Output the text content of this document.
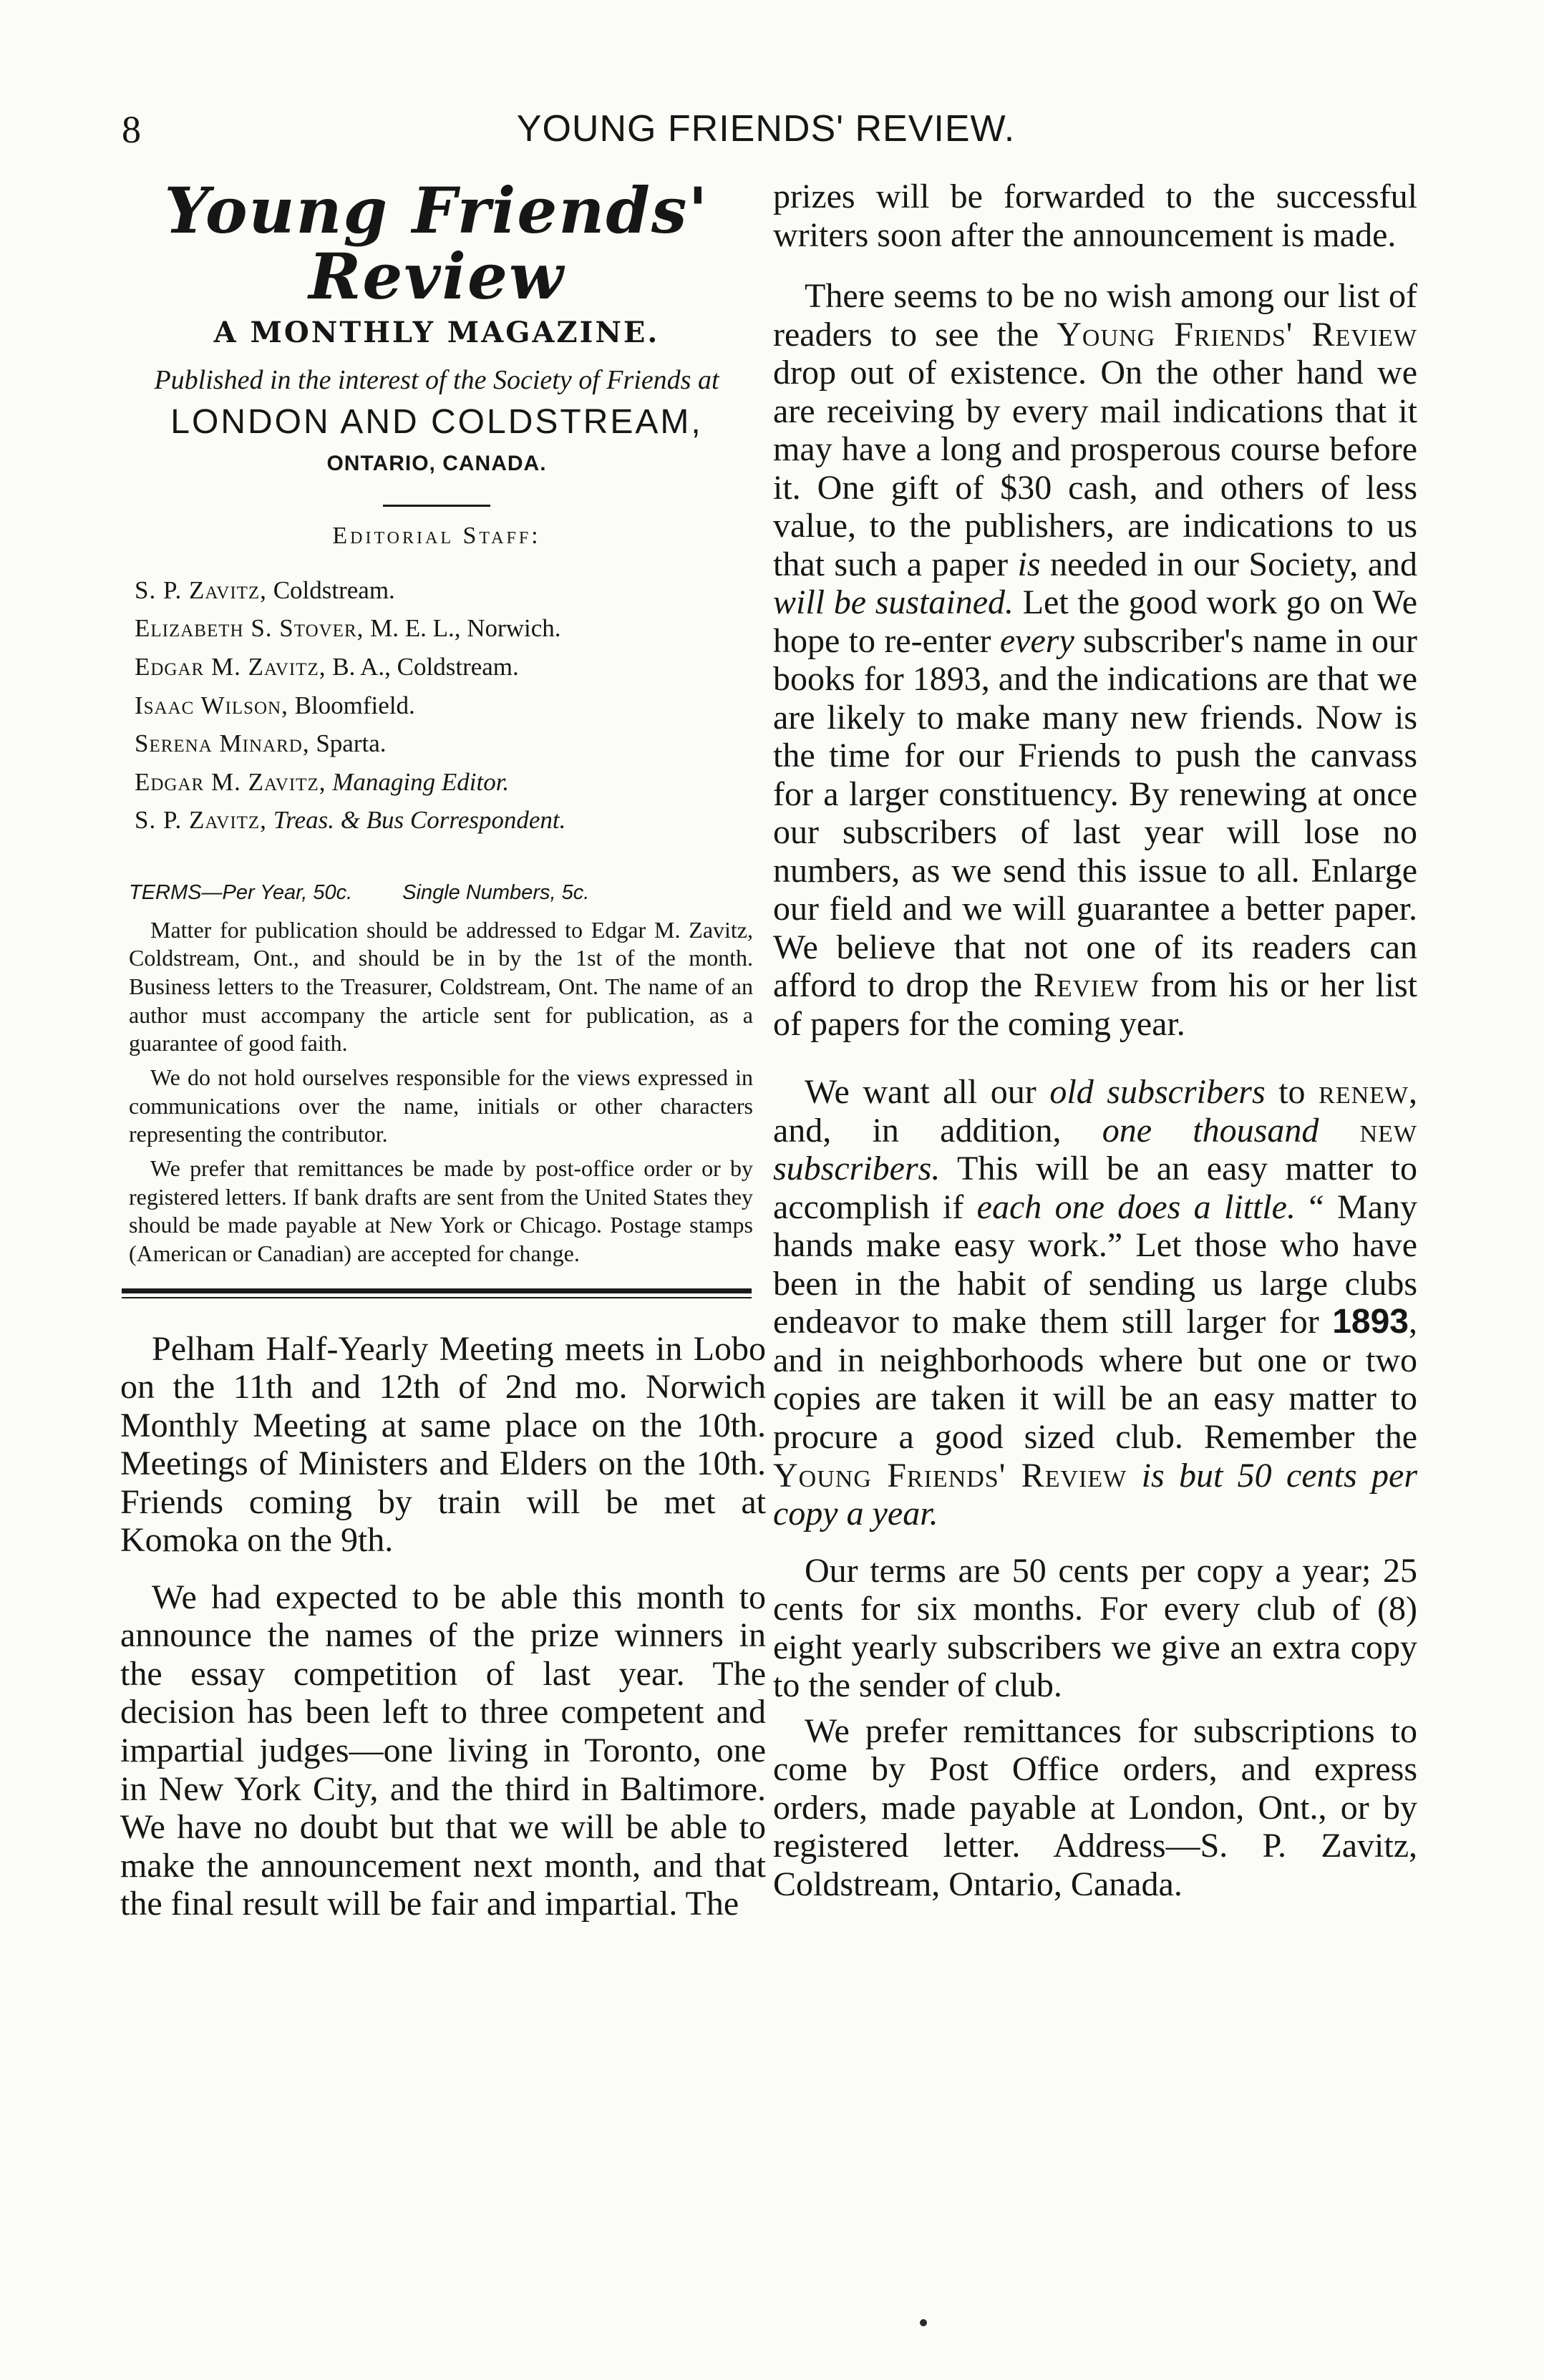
8	YOUNG FRIENDS' REVIEW.
Young Friends' Review
A MONTHLY MAGAZINE.
Published in the interest of the Society of Friends at
LONDON AND COLDSTREAM,
ONTARIO, CANADA.
Editorial Staff:
S. P. Zavitz, Coldstream.
Elizabeth S. Stover, M. E. L., Norwich.
Edgar M. Zavitz, B. A., Coldstream.
Isaac Wilson, Bloomfield.
Serena Minard, Sparta.
Edgar M. Zavitz, Managing Editor.
S. P. Zavitz, Treas. & Bus Correspondent.
TERMS—Per Year, 50c. Single Numbers, 5c.
Matter for publication should be addressed to Edgar M. Zavitz, Coldstream, Ont., and should be in by the 1st of the month. Business letters to the Treasurer, Coldstream, Ont. The name of an author must accompany the article sent for publication, as a guarantee of good faith.
We do not hold ourselves responsible for the views expressed in communications over the name, initials or other characters representing the contributor.
We prefer that remittances be made by post-office order or by registered letters. If bank drafts are sent from the United States they should be made payable at New York or Chicago. Postage stamps (American or Canadian) are accepted for change.

Pelham Half-Yearly Meeting meets in Lobo on the 11th and 12th of 2nd mo. Norwich Monthly Meeting at same place on the 10th. Meetings of Ministers and Elders on the 10th. Friends coming by train will be met at Komoka on the 9th.

We had expected to be able this month to announce the names of the prize winners in the essay competition of last year. The decision has been left to three competent and impartial judges—one living in Toronto, one in New York City, and the third in Baltimore. We have no doubt but that we will be able to make the announcement next month, and that the final result will be fair and impartial. The

prizes will be forwarded to the successful writers soon after the announcement is made.

There seems to be no wish among our list of readers to see the Young Friends' Review drop out of existence. On the other hand we are receiving by every mail indications that it may have a long and prosperous course before it. One gift of $30 cash, and others of less value, to the publishers, are indications to us that such a paper is needed in our Society, and will be sustained. Let the good work go on We hope to re-enter every subscriber's name in our books for 1893, and the indications are that we are likely to make many new friends. Now is the time for our Friends to push the canvass for a larger constituency. By renewing at once our subscribers of last year will lose no numbers, as we send this issue to all. Enlarge our field and we will guarantee a better paper. We believe that not one of its readers can afford to drop the Review from his or her list of papers for the coming year.

We want all our old subscribers to renew, and, in addition, one thousand new subscribers. This will be an easy matter to accomplish if each one does a little. “ Many hands make easy work.” Let those who have been in the habit of sending us large clubs endeavor to make them still larger for 1893, and in neighborhoods where but one or two copies are taken it will be an easy matter to procure a good sized club. Remember the Young Friends' Review is but 50 cents per copy a year.

Our terms are 50 cents per copy a year; 25 cents for six months. For every club of (8) eight yearly subscribers we give an extra copy to the sender of club.

We prefer remittances for subscriptions to come by Post Office orders, and express orders, made payable at London, Ont., or by registered letter. Address—S. P. Zavitz, Coldstream, Ontario, Canada.
